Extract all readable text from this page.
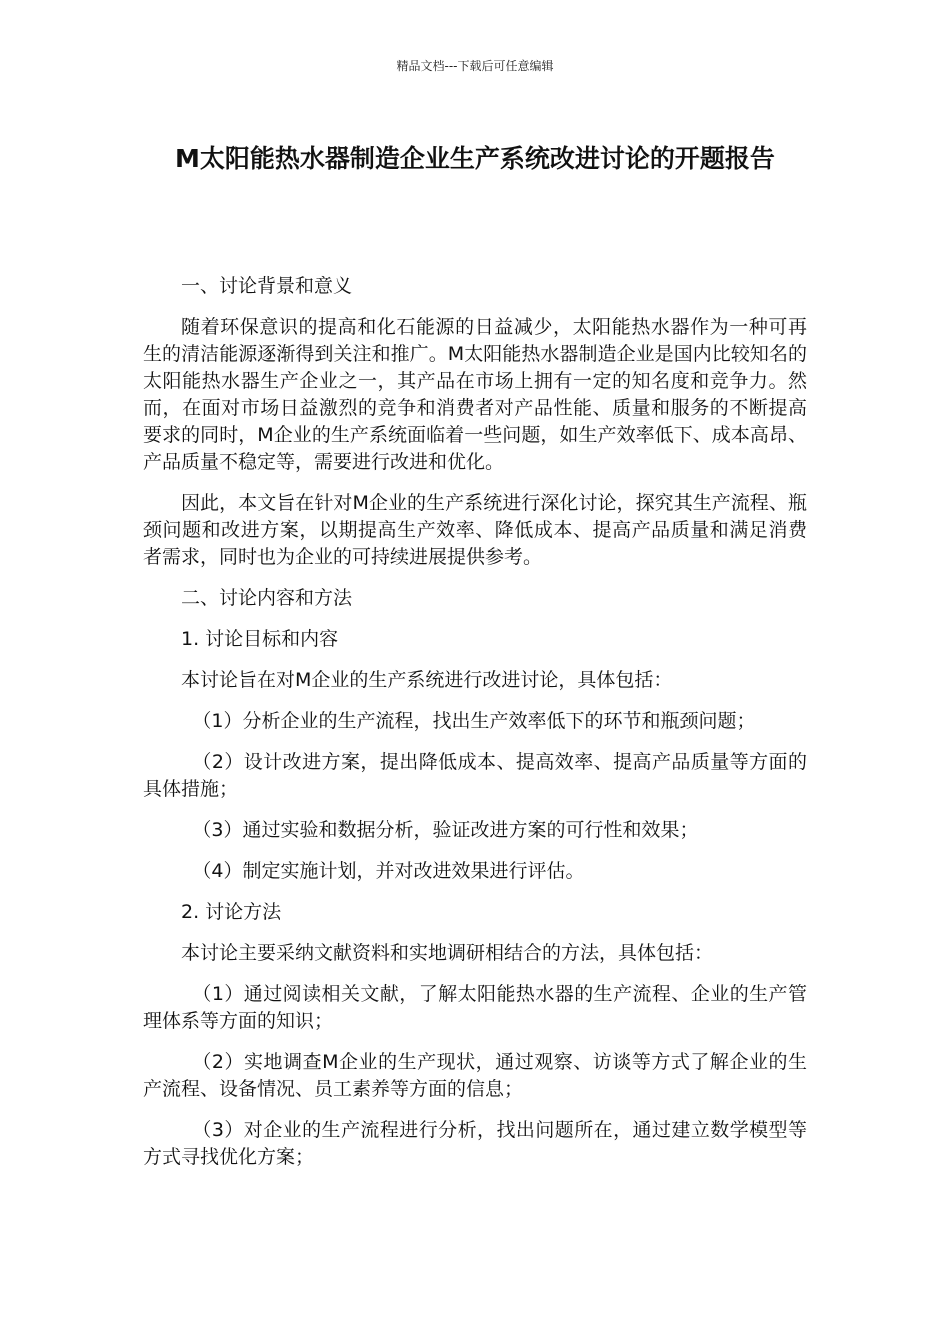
精品文档---下载后可任意编辑
M太阳能热水器制造企业生产系统改进讨论的开题报告

一、讨论背景和意义

随着环保意识的提高和化石能源的日益减少，太阳能热水器作为一种可再生的清洁能源逐渐得到关注和推广。M太阳能热水器制造企业是国内比较知名的太阳能热水器生产企业之一，其产品在市场上拥有一定的知名度和竞争力。然而，在面对市场日益激烈的竞争和消费者对产品性能、质量和服务的不断提高要求的同时，M企业的生产系统面临着一些问题，如生产效率低下、成本高昂、产品质量不稳定等，需要进行改进和优化。

因此，本文旨在针对M企业的生产系统进行深化讨论，探究其生产流程、瓶颈问题和改进方案，以期提高生产效率、降低成本、提高产品质量和满足消费者需求，同时也为企业的可持续进展提供参考。

二、讨论内容和方法

1. 讨论目标和内容

本讨论旨在对M企业的生产系统进行改进讨论，具体包括：

（1）分析企业的生产流程，找出生产效率低下的环节和瓶颈问题；

（2）设计改进方案，提出降低成本、提高效率、提高产品质量等方面的具体措施；

（3）通过实验和数据分析，验证改进方案的可行性和效果；

（4）制定实施计划，并对改进效果进行评估。

2. 讨论方法

本讨论主要采纳文献资料和实地调研相结合的方法，具体包括：

（1）通过阅读相关文献，了解太阳能热水器的生产流程、企业的生产管理体系等方面的知识；

（2）实地调查M企业的生产现状，通过观察、访谈等方式了解企业的生产流程、设备情况、员工素养等方面的信息；

（3）对企业的生产流程进行分析，找出问题所在，通过建立数学模型等方式寻找优化方案；
